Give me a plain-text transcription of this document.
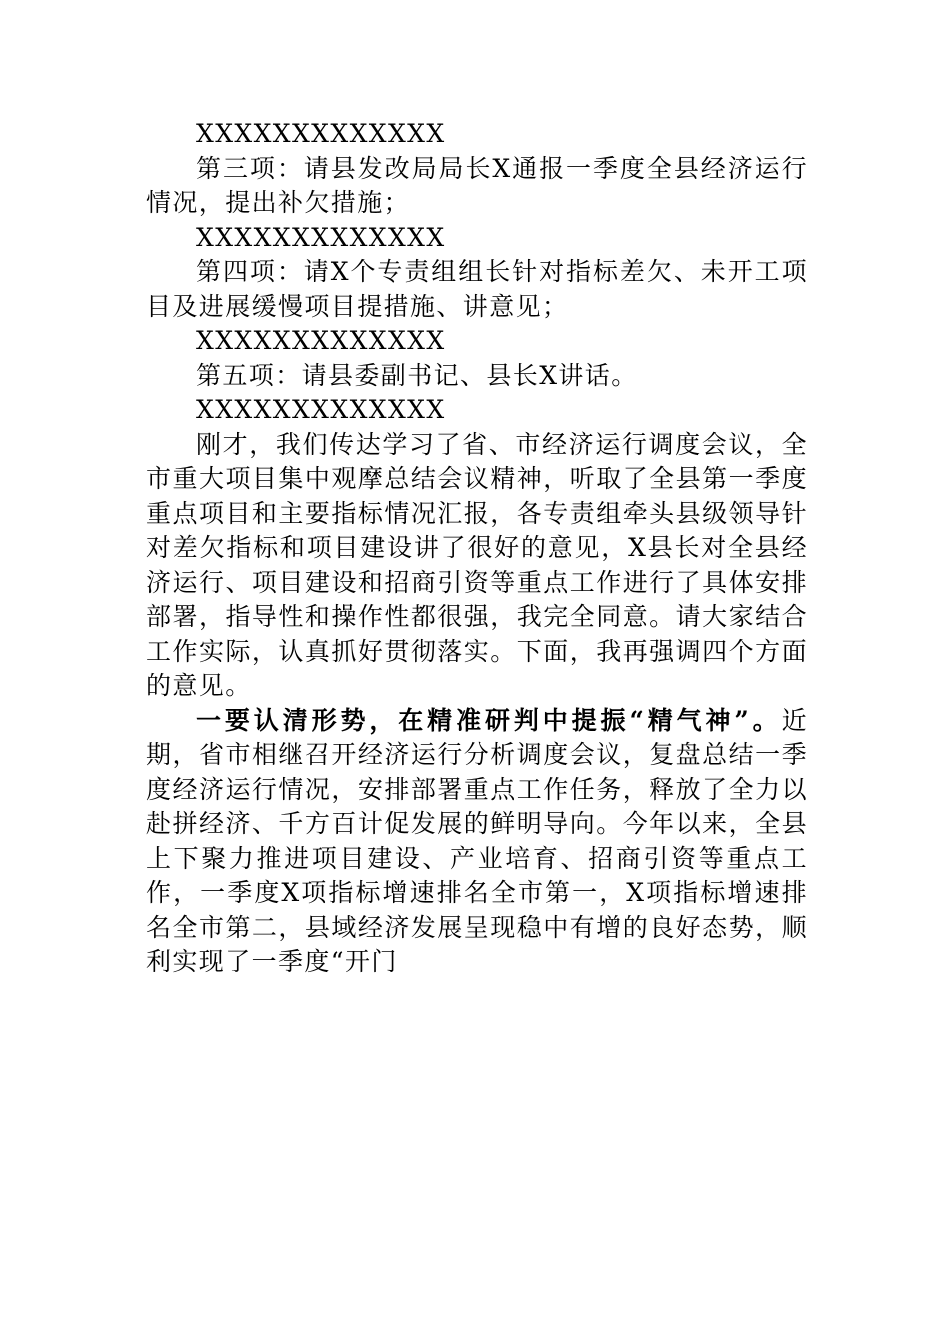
XXXXXXXXXXXXX

第三项：请县发改局局长X通报一季度全县经济运行情况，提出补欠措施；

XXXXXXXXXXXXX

第四项：请X个专责组组长针对指标差欠、未开工项目及进展缓慢项目提措施、讲意见；

XXXXXXXXXXXXX

第五项：请县委副书记、县长X讲话。

XXXXXXXXXXXXX

刚才，我们传达学习了省、市经济运行调度会议，全市重大项目集中观摩总结会议精神，听取了全县第一季度重点项目和主要指标情况汇报，各专责组牵头县级领导针对差欠指标和项目建设讲了很好的意见，X县长对全县经济运行、项目建设和招商引资等重点工作进行了具体安排部署，指导性和操作性都很强，我完全同意。请大家结合工作实际，认真抓好贯彻落实。下面，我再强调四个方面的意见。

一要认清形势，在精准研判中提振“精气神”。近期，省市相继召开经济运行分析调度会议，复盘总结一季度经济运行情况，安排部署重点工作任务，释放了全力以赴拼经济、千方百计促发展的鲜明导向。今年以来，全县上下聚力推进项目建设、产业培育、招商引资等重点工作，一季度X项指标增速排名全市第一，X项指标增速排名全市第二，县域经济发展呈现稳中有增的良好态势，顺利实现了一季度“开门
